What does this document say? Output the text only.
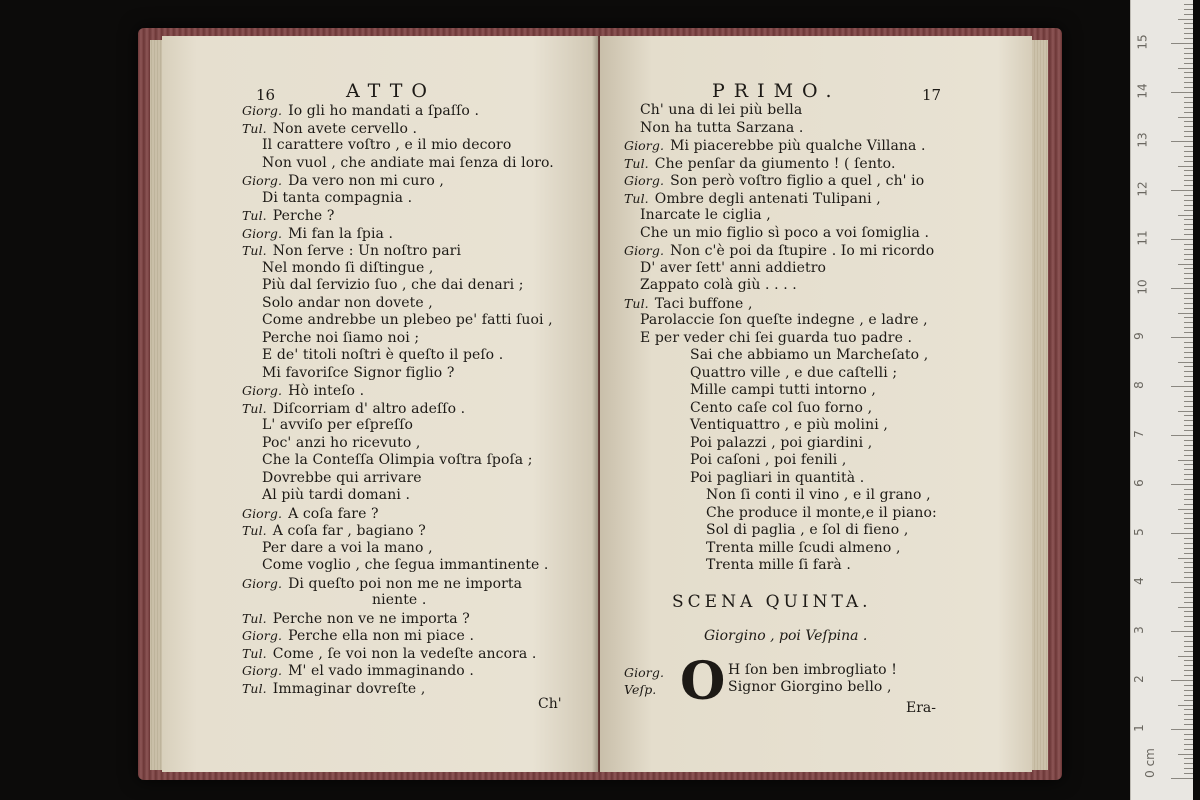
16	ATTO
Giorg. Io gli ho mandati a ſpaſſo .
Tul. Non avete cervello .
Il carattere voſtro , e il mio decoro
Non vuol , che andiate mai ſenza di loro.
Giorg. Da vero non mi curo ,
Di tanta compagnia .
Tul. Perche ?
Giorg. Mi fan la ſpia .
Tul. Non ſerve : Un noſtro pari
Nel mondo ſi diſtingue ,
Più dal ſervizio ſuo , che dai denari ;
Solo andar non dovete ,
Come andrebbe un plebeo pe' fatti ſuoi ,
Perche noi ſiamo noi ;
E de' titoli noſtri è queſto il peſo .
Mi favoriſce Signor figlio ?
Giorg. Hò inteſo .
Tul. Diſcorriam d' altro adeſſo .
L' avviſo per eſpreſſo
Poc' anzi ho ricevuto ,
Che la Conteſſa Olimpia voſtra ſpoſa ;
Dovrebbe qui arrivare
Al più tardi domani .
Giorg. A coſa fare ?
Tul. A coſa far , bagiano ?
Per dare a voi la mano ,
Come voglio , che ſegua immantinente .
Giorg. Di queſto poi non me ne importa
niente .
Tul. Perche non ve ne importa ?
Giorg. Perche ella non mi piace .
Tul. Come , ſe voi non la vedeſte ancora .
Giorg. M' el vado immaginando .
Tul. Immaginar dovreſte ,
Ch'
PRIMO.	17
Ch' una di lei più bella
Non ha tutta Sarzana .
Giorg. Mi piacerebbe più qualche Villana .
Tul. Che penſar da giumento ! ( ſento.
Giorg. Son però voſtro figlio a quel , ch' io
Tul. Ombre degli antenati Tulipani ,
Inarcate le ciglia ,
Che un mio figlio sì poco a voi ſomiglia .
Giorg. Non c'è poi da ſtupire . Io mi ricordo
D' aver ſett' anni addietro
Zappato colà giù . . . .
Tul. Taci buffone ,
Parolaccie ſon queſte indegne , e ladre ,
E per veder chi ſei guarda tuo padre .
Sai che abbiamo un Marcheſato ,
Quattro ville , e due caſtelli ;
Mille campi tutti intorno ,
Cento caſe col ſuo forno ,
Ventiquattro , e più molini ,
Poi palazzi , poi giardini ,
Poi caſoni , poi fenili ,
Poi pagliari in quantità .
Non ſi conti il vino , e il grano ,
Che produce il monte,e il piano:
Sol di paglia , e ſol di fieno ,
Trenta mille ſcudi almeno ,
Trenta mille ſi farà .
SCENA QUINTA.
Giorgino , poi Veſpina .
O
Giorg.	H ſon ben imbrogliato !
Veſp.	Signor Giorgino bello ,
Era-
0 cm
1
2
3
4
5
6
7
8
9
10
11
12
13
14
15
